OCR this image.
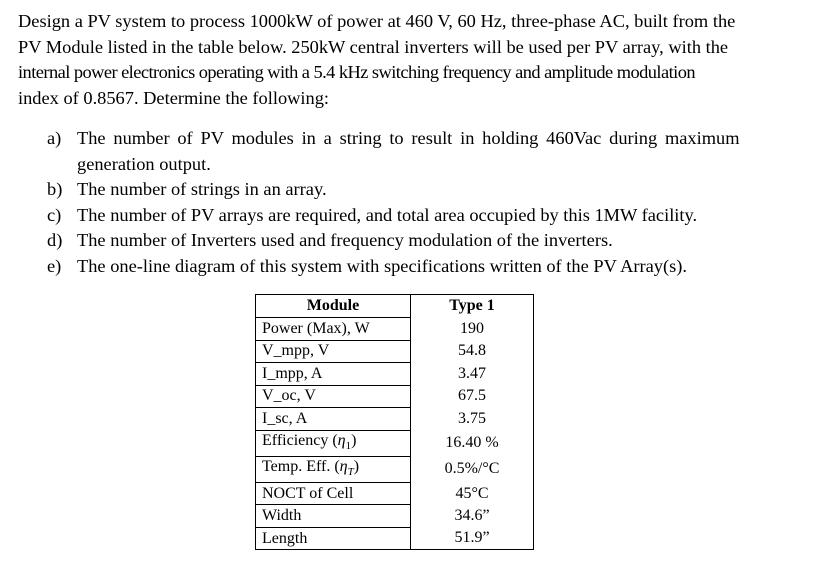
Design a PV system to process 1000kW of power at 460 V, 60 Hz, three-phase AC, built from the
PV Module listed in the table below. 250kW central inverters will be used per PV array, with the
internal power electronics operating with a 5.4 kHz switching frequency and amplitude modulation
index of 0.8567. Determine the following:

a) The number of PV modules in a string to result in holding 460Vac during maximum
generation output.
b) The number of strings in an array.
c) The number of PV arrays are required, and total area occupied by this 1MW facility.
d) The number of Inverters used and frequency modulation of the inverters.
e) The one-line diagram of this system with specifications written of the PV Array(s).
Module	Type 1
Power (Max), W	190
V_mpp, V	54.8
I_mpp, A	3.47
V_oc, V	67.5
I_sc, A	3.75
Efficiency $(\eta_1)$	16.40 %
Temp. Eff. $(\eta_T)$	0.5%/°C
NOCT of Cell	45°C
Width	34.6”
Length	51.9”
